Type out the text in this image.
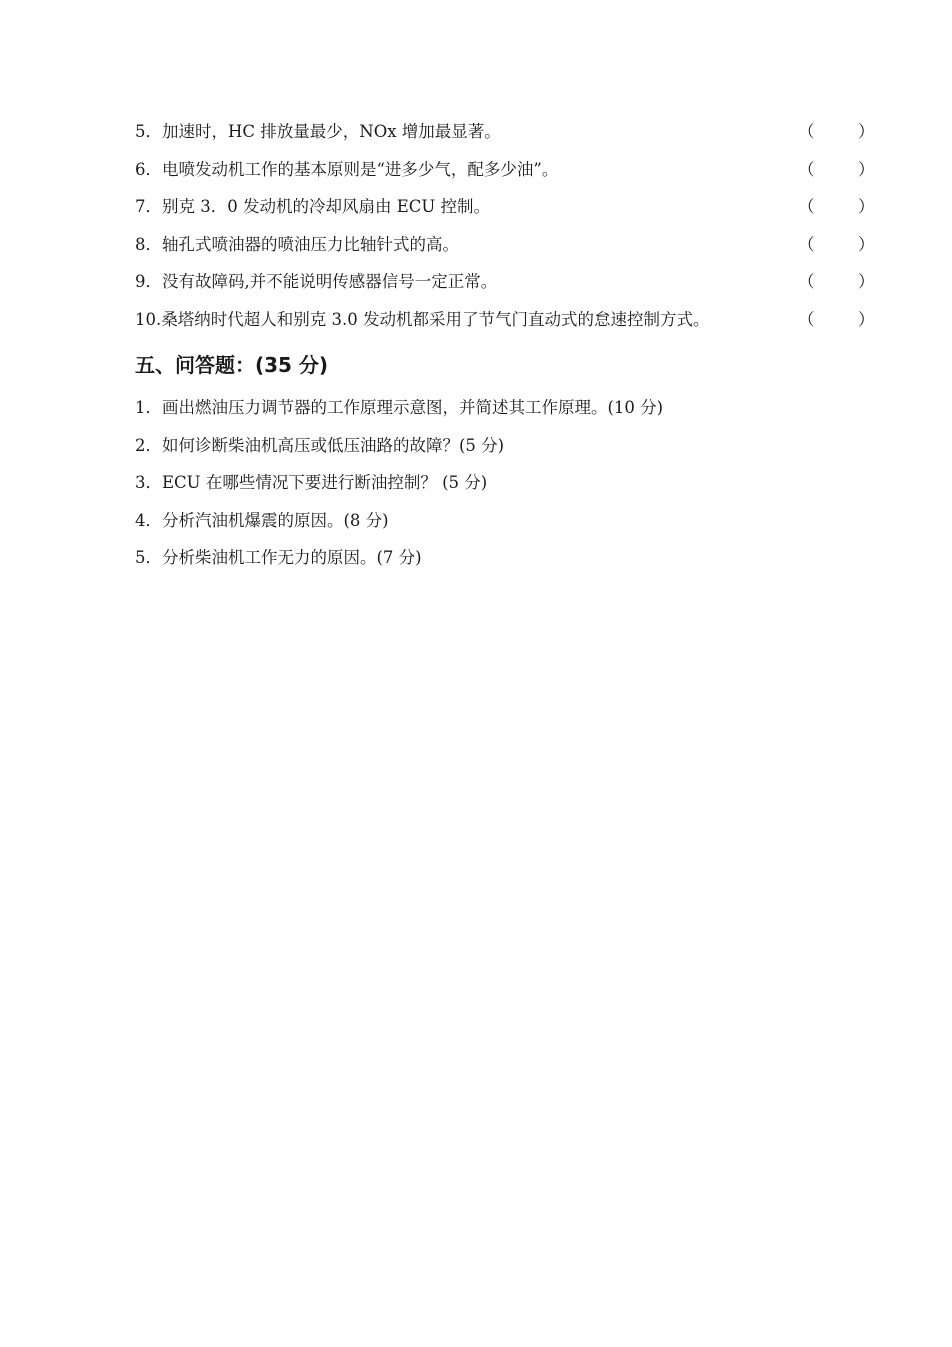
5．加速时，HC 排放量最少，NOx 增加最显著。	（	）
6．电喷发动机工作的基本原则是“进多少气，配多少油”。	（	）
7．别克 3．0 发动机的冷却风扇由 ECU 控制。	（	）
8．轴孔式喷油器的喷油压力比轴针式的高。	（	）
9．没有故障码,并不能说明传感器信号一定正常。	（	）
10.桑塔纳时代超人和别克 3.0 发动机都采用了节气门直动式的怠速控制方式。	（	）
五、问答题：(35 分)
1．画出燃油压力调节器的工作原理示意图，并简述其工作原理。(10 分)
2．如何诊断柴油机高压或低压油路的故障？(5 分)
3．ECU 在哪些情况下要进行断油控制？ (5 分)
4．分析汽油机爆震的原因。(8 分)
5．分析柴油机工作无力的原因。(7 分)
